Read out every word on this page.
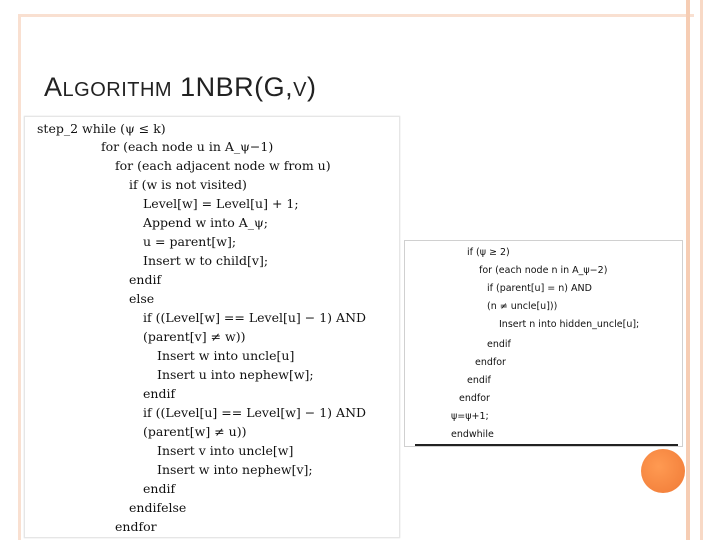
ALGORITHM 1NBR(G,V)
step_2 while (ψ ≤ k)
for (each node u in A_ψ−1)
for (each adjacent node w from u)
if (w is not visited)
Level[w] = Level[u] + 1;
Append w into A_ψ;
u = parent[w];
Insert w to child[v];
endif
else
if ((Level[w] == Level[u] − 1) AND
(parent[v] ≠ w))
Insert w into uncle[u]
Insert u into nephew[w];
endif
if ((Level[u] == Level[w] − 1) AND
(parent[w] ≠ u))
Insert v into uncle[w]
Insert w into nephew[v];
endif
endifelse
endfor
if (ψ ≥ 2)
for (each node n in A_ψ−2)
if (parent[u] = n) AND
(n ≠ uncle[u]))
Insert n into hidden_uncle[u];
endif
endfor
endif
endfor
ψ=ψ+1;
endwhile
